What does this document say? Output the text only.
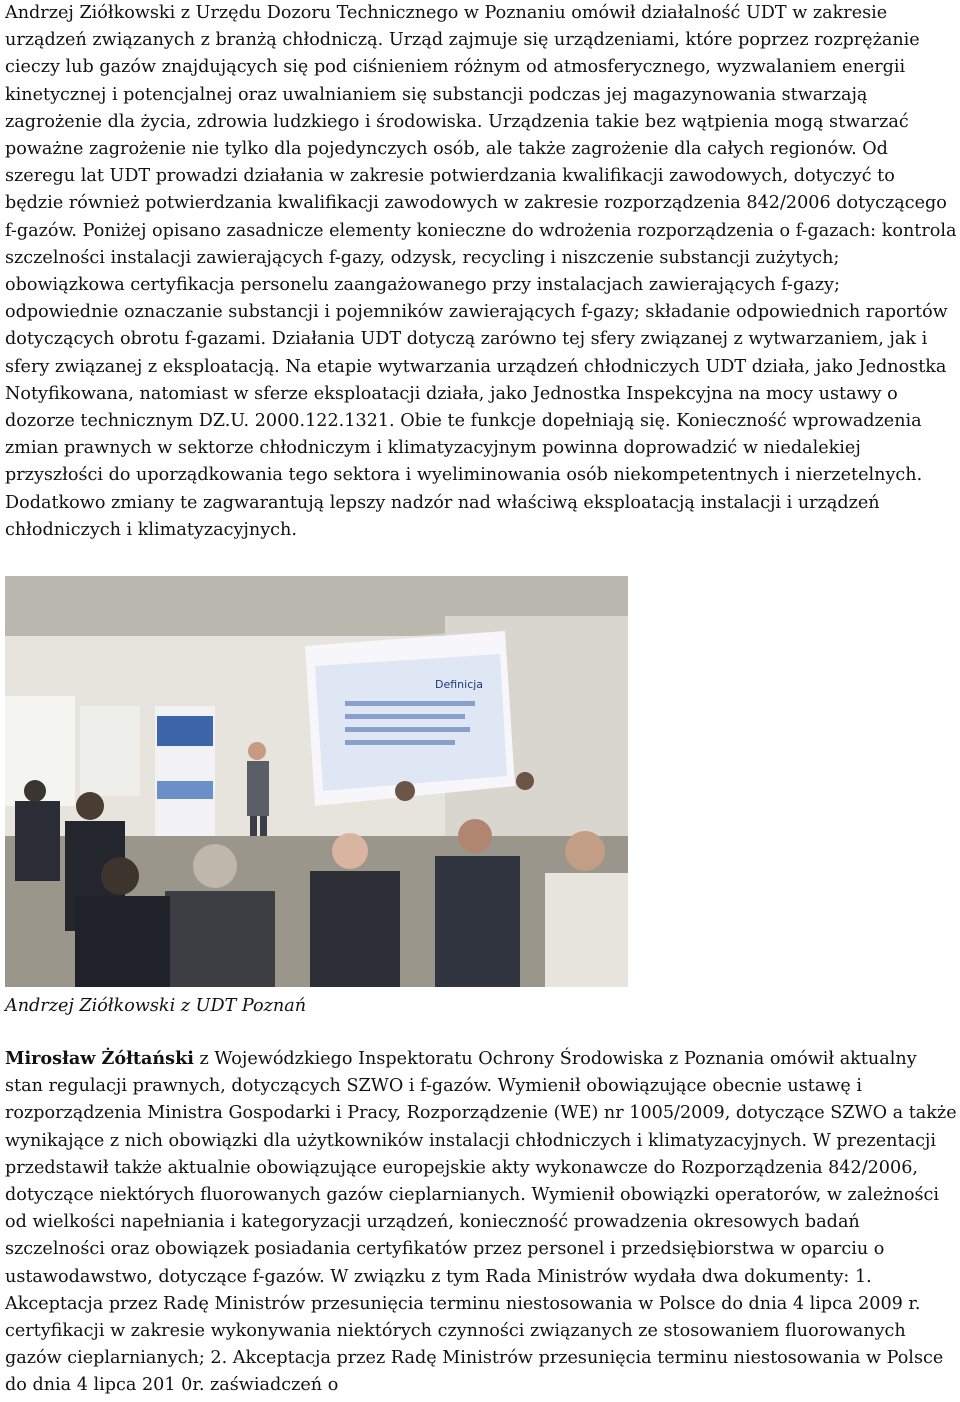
Andrzej Ziółkowski z Urzędu Dozoru Technicznego w Poznaniu omówił działalność UDT w zakresie urządzeń związanych z branżą chłodniczą. Urząd zajmuje się urządzeniami, które poprzez rozprężanie cieczy lub gazów znajdujących się pod ciśnieniem różnym od atmosferycznego, wyzwalaniem energii kinetycznej i potencjalnej oraz uwalnianiem się substancji podczas jej magazynowania stwarzają zagrożenie dla życia, zdrowia ludzkiego i środowiska. Urządzenia takie bez wątpienia mogą stwarzać poważne zagrożenie nie tylko dla pojedynczych osób, ale także zagrożenie dla całych regionów. Od szeregu lat UDT prowadzi działania w zakresie potwierdzania kwalifikacji zawodowych, dotyczyć to będzie również potwierdzania kwalifikacji zawodowych w zakresie rozporządzenia 842/2006 dotyczącego f-gazów. Poniżej opisano zasadnicze elementy konieczne do wdrożenia rozporządzenia o f-gazach: kontrola szczelności instalacji zawierających f-gazy, odzysk, recycling i niszczenie substancji zużytych; obowiązkowa certyfikacja personelu zaangażowanego przy instalacjach zawierających f-gazy; odpowiednie oznaczanie substancji i pojemników zawierających f-gazy; składanie odpowiednich raportów dotyczących obrotu f-gazami. Działania UDT dotyczą zarówno tej sfery związanej z wytwarzaniem, jak i sfery związanej z eksploatacją. Na etapie wytwarzania urządzeń chłodniczych UDT działa, jako Jednostka Notyfikowana, natomiast w sferze eksploatacji działa, jako Jednostka Inspekcyjna na mocy ustawy o dozorze technicznym DZ.U. 2000.122.1321. Obie te funkcje dopełniają się. Konieczność wprowadzenia zmian prawnych w sektorze chłodniczym i klimatyzacyjnym powinna doprowadzić w niedalekiej przyszłości do uporządkowania tego sektora i wyeliminowania osób niekompetentnych i nierzetelnych. Dodatkowo zmiany te zagwarantują lepszy nadzór nad właściwą eksploatacją instalacji i urządzeń chłodniczych i klimatyzacyjnych.

Definicja

Andrzej Ziółkowski z UDT Poznań

Mirosław Żółtański z Wojewódzkiego Inspektoratu Ochrony Środowiska z Poznania omówił aktualny stan regulacji prawnych, dotyczących SZWO i f-gazów. Wymienił obowiązujące obecnie ustawę i rozporządzenia Ministra Gospodarki i Pracy, Rozporządzenie (WE) nr 1005/2009, dotyczące SZWO a także wynikające z nich obowiązki dla użytkowników instalacji chłodniczych i klimatyzacyjnych. W prezentacji przedstawił także aktualnie obowiązujące europejskie akty wykonawcze do Rozporządzenia 842/2006, dotyczące niektórych fluorowanych gazów cieplarnianych. Wymienił obowiązki operatorów, w zależności od wielkości napełniania i kategoryzacji urządzeń, konieczność prowadzenia okresowych badań szczelności oraz obowiązek posiadania certyfikatów przez personel i przedsiębiorstwa w oparciu o ustawodawstwo, dotyczące f-gazów. W związku z tym Rada Ministrów wydała dwa dokumenty: 1. Akceptacja przez Radę Ministrów przesunięcia terminu niestosowania w Polsce do dnia 4 lipca 2009 r. certyfikacji w zakresie wykonywania niektórych czynności związanych ze stosowaniem fluorowanych gazów cieplarnianych; 2. Akceptacja przez Radę Ministrów przesunięcia terminu niestosowania w Polsce do dnia 4 lipca 201 0r. zaświadczeń o
